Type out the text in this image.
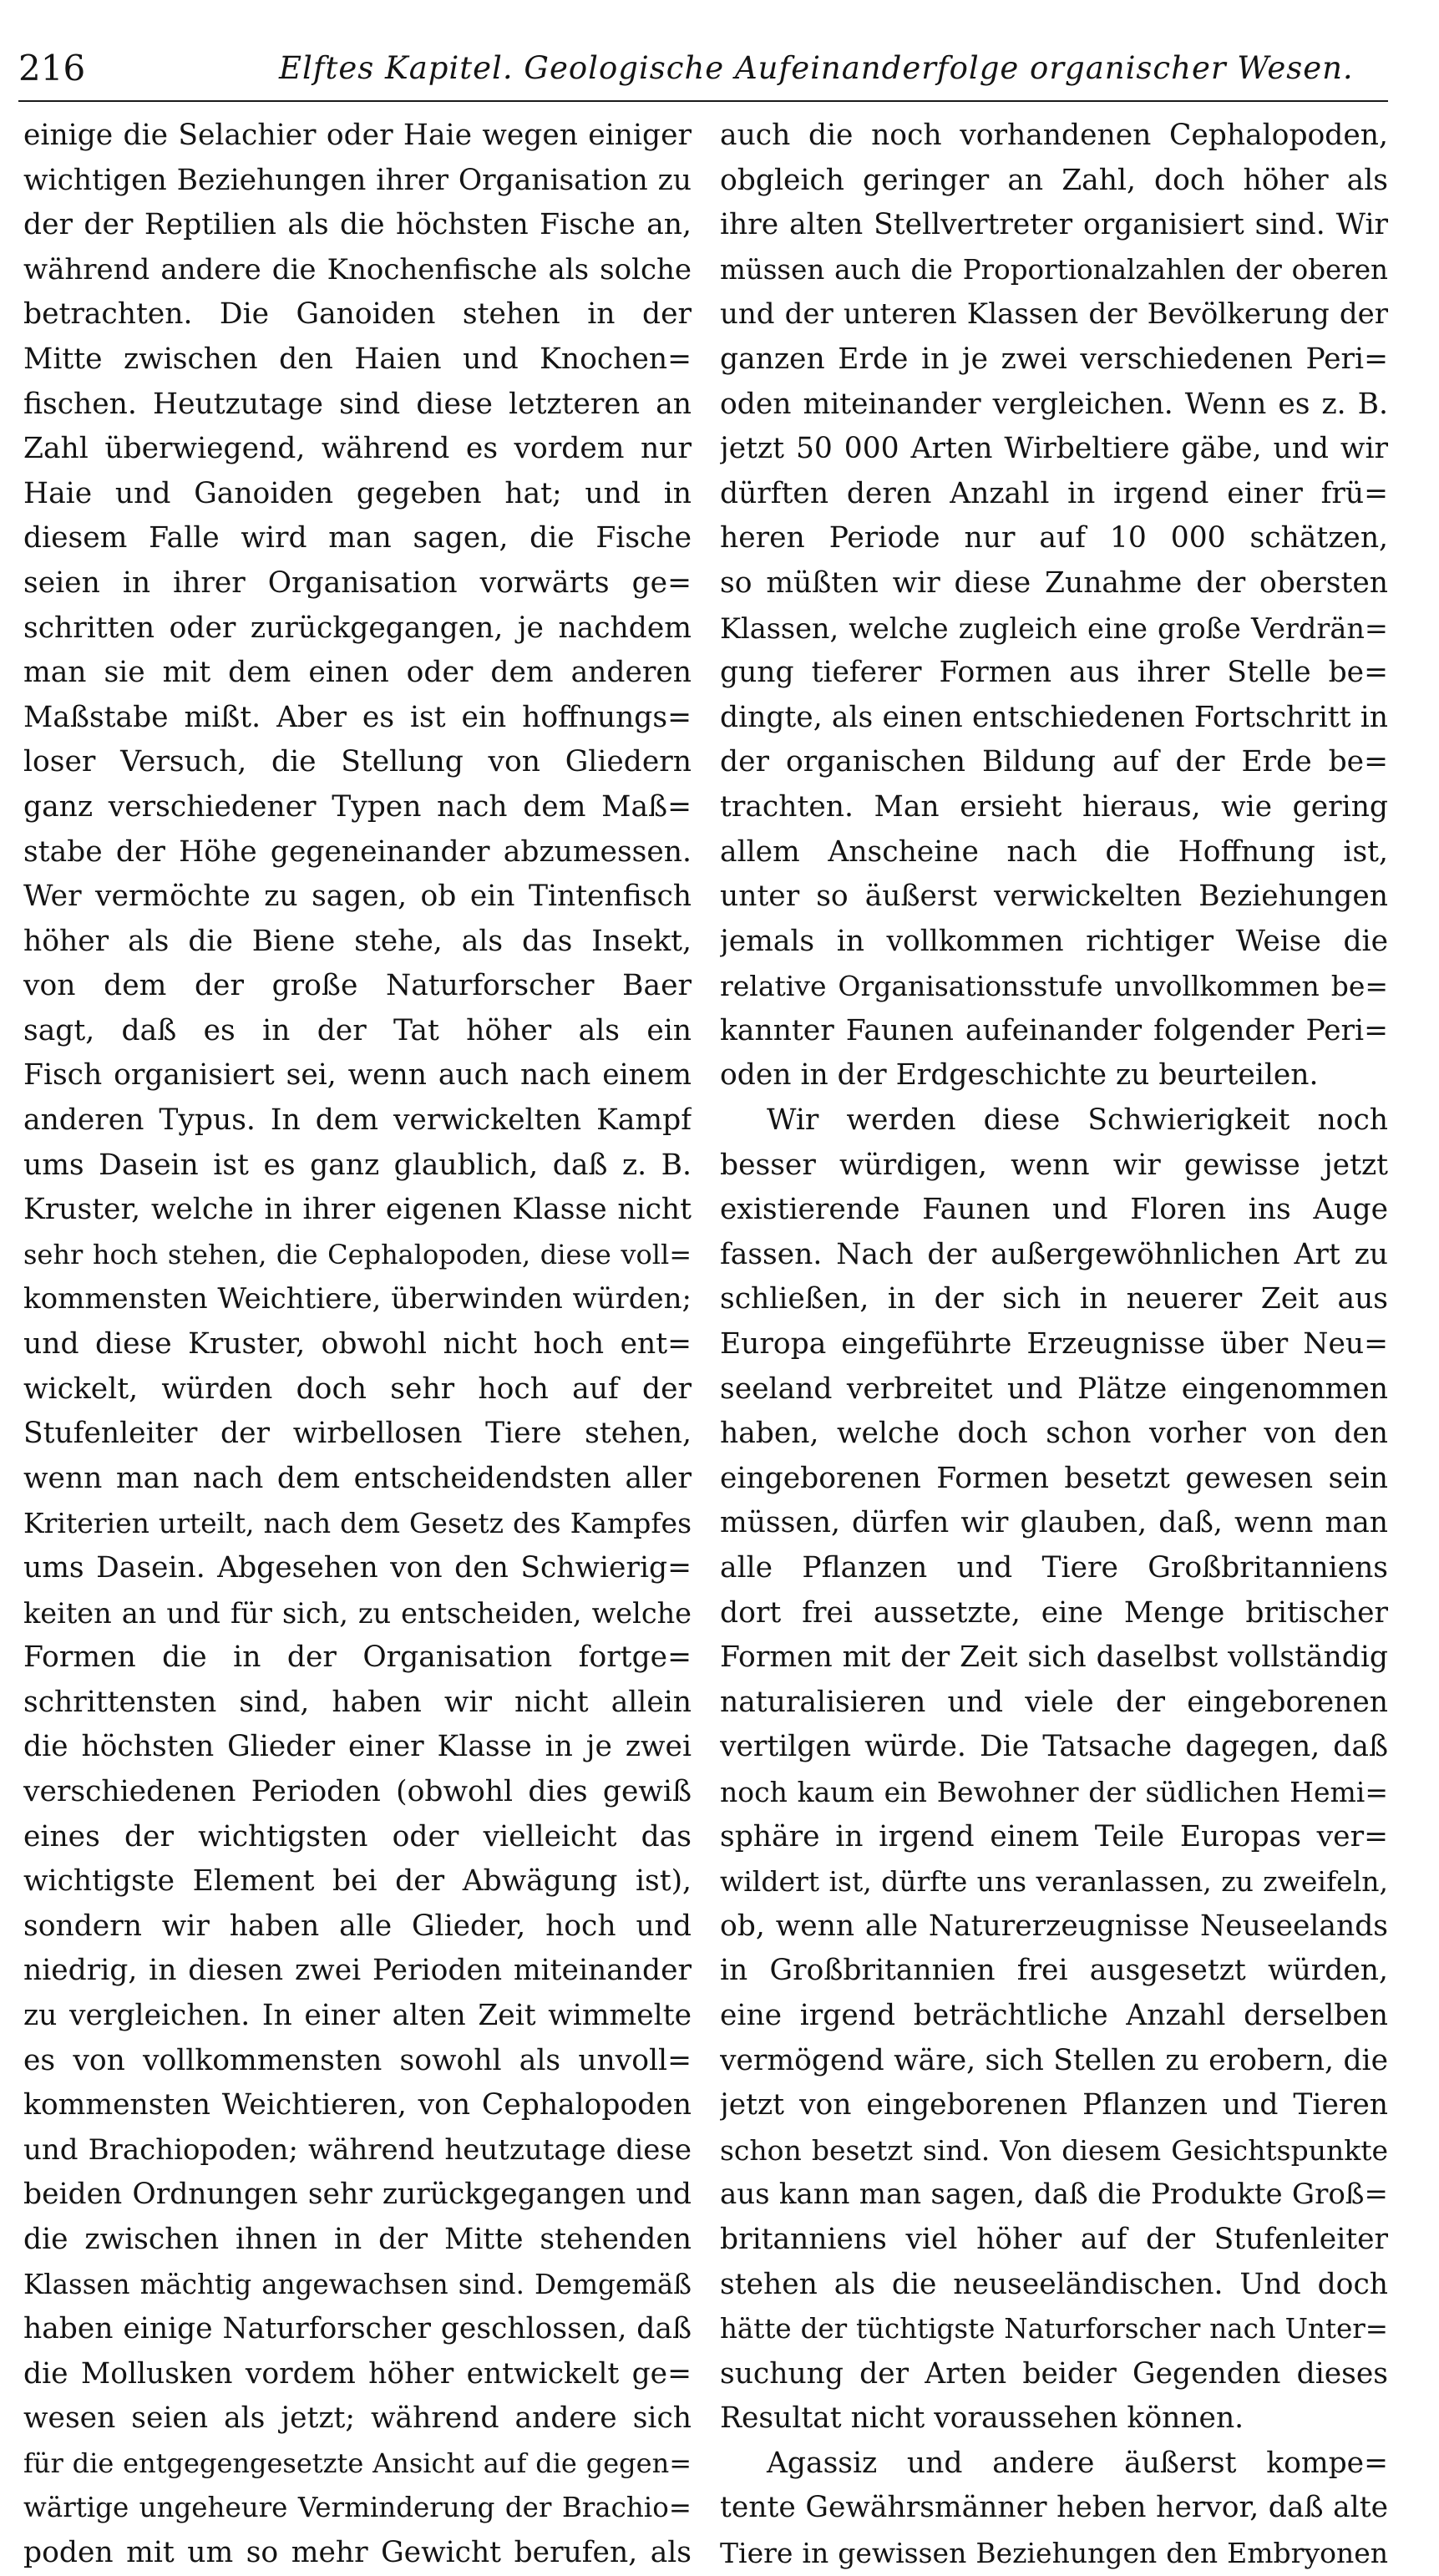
216	Elftes Kapitel. Geologische Aufeinanderfolge organischer Wesen.
einige die Selachier oder Haie wegen einiger
wichtigen Beziehungen ihrer Organisation zu
der der Reptilien als die höchsten Fische an,
während andere die Knochenfische als solche
betrachten. Die Ganoiden stehen in der
Mitte zwischen den Haien und Knochen=
fischen. Heutzutage sind diese letzteren an
Zahl überwiegend, während es vordem nur
Haie und Ganoiden gegeben hat; und in
diesem Falle wird man sagen, die Fische
seien in ihrer Organisation vorwärts ge=
schritten oder zurückgegangen, je nachdem
man sie mit dem einen oder dem anderen
Maßstabe mißt. Aber es ist ein hoffnungs=
loser Versuch, die Stellung von Gliedern
ganz verschiedener Typen nach dem Maß=
stabe der Höhe gegeneinander abzumessen.
Wer vermöchte zu sagen, ob ein Tintenfisch
höher als die Biene stehe, als das Insekt,
von dem der große Naturforscher Baer
sagt, daß es in der Tat höher als ein
Fisch organisiert sei, wenn auch nach einem
anderen Typus. In dem verwickelten Kampf
ums Dasein ist es ganz glaublich, daß z. B.
Kruster, welche in ihrer eigenen Klasse nicht
sehr hoch stehen, die Cephalopoden, diese voll=
kommensten Weichtiere, überwinden würden;
und diese Kruster, obwohl nicht hoch ent=
wickelt, würden doch sehr hoch auf der
Stufenleiter der wirbellosen Tiere stehen,
wenn man nach dem entscheidendsten aller
Kriterien urteilt, nach dem Gesetz des Kampfes
ums Dasein. Abgesehen von den Schwierig=
keiten an und für sich, zu entscheiden, welche
Formen die in der Organisation fortge=
schrittensten sind, haben wir nicht allein
die höchsten Glieder einer Klasse in je zwei
verschiedenen Perioden (obwohl dies gewiß
eines der wichtigsten oder vielleicht das
wichtigste Element bei der Abwägung ist),
sondern wir haben alle Glieder, hoch und
niedrig, in diesen zwei Perioden miteinander
zu vergleichen. In einer alten Zeit wimmelte
es von vollkommensten sowohl als unvoll=
kommensten Weichtieren, von Cephalopoden
und Brachiopoden; während heutzutage diese
beiden Ordnungen sehr zurückgegangen und
die zwischen ihnen in der Mitte stehenden
Klassen mächtig angewachsen sind. Demgemäß
haben einige Naturforscher geschlossen, daß
die Mollusken vordem höher entwickelt ge=
wesen seien als jetzt; während andere sich
für die entgegengesetzte Ansicht auf die gegen=
wärtige ungeheure Verminderung der Brachio=
poden mit um so mehr Gewicht berufen, als
auch die noch vorhandenen Cephalopoden,
obgleich geringer an Zahl, doch höher als
ihre alten Stellvertreter organisiert sind. Wir
müssen auch die Proportionalzahlen der oberen
und der unteren Klassen der Bevölkerung der
ganzen Erde in je zwei verschiedenen Peri=
oden miteinander vergleichen. Wenn es z. B.
jetzt 50 000 Arten Wirbeltiere gäbe, und wir
dürften deren Anzahl in irgend einer frü=
heren Periode nur auf 10 000 schätzen,
so müßten wir diese Zunahme der obersten
Klassen, welche zugleich eine große Verdrän=
gung tieferer Formen aus ihrer Stelle be=
dingte, als einen entschiedenen Fortschritt in
der organischen Bildung auf der Erde be=
trachten. Man ersieht hieraus, wie gering
allem Anscheine nach die Hoffnung ist,
unter so äußerst verwickelten Beziehungen
jemals in vollkommen richtiger Weise die
relative Organisationsstufe unvollkommen be=
kannter Faunen aufeinander folgender Peri=
oden in der Erdgeschichte zu beurteilen.
Wir werden diese Schwierigkeit noch
besser würdigen, wenn wir gewisse jetzt
existierende Faunen und Floren ins Auge
fassen. Nach der außergewöhnlichen Art zu
schließen, in der sich in neuerer Zeit aus
Europa eingeführte Erzeugnisse über Neu=
seeland verbreitet und Plätze eingenommen
haben, welche doch schon vorher von den
eingeborenen Formen besetzt gewesen sein
müssen, dürfen wir glauben, daß, wenn man
alle Pflanzen und Tiere Großbritanniens
dort frei aussetzte, eine Menge britischer
Formen mit der Zeit sich daselbst vollständig
naturalisieren und viele der eingeborenen
vertilgen würde. Die Tatsache dagegen, daß
noch kaum ein Bewohner der südlichen Hemi=
sphäre in irgend einem Teile Europas ver=
wildert ist, dürfte uns veranlassen, zu zweifeln,
ob, wenn alle Naturerzeugnisse Neuseelands
in Großbritannien frei ausgesetzt würden,
eine irgend beträchtliche Anzahl derselben
vermögend wäre, sich Stellen zu erobern, die
jetzt von eingeborenen Pflanzen und Tieren
schon besetzt sind. Von diesem Gesichtspunkte
aus kann man sagen, daß die Produkte Groß=
britanniens viel höher auf der Stufenleiter
stehen als die neuseeländischen. Und doch
hätte der tüchtigste Naturforscher nach Unter=
suchung der Arten beider Gegenden dieses
Resultat nicht voraussehen können.
Agassiz und andere äußerst kompe=
tente Gewährsmänner heben hervor, daß alte
Tiere in gewissen Beziehungen den Embryonen
